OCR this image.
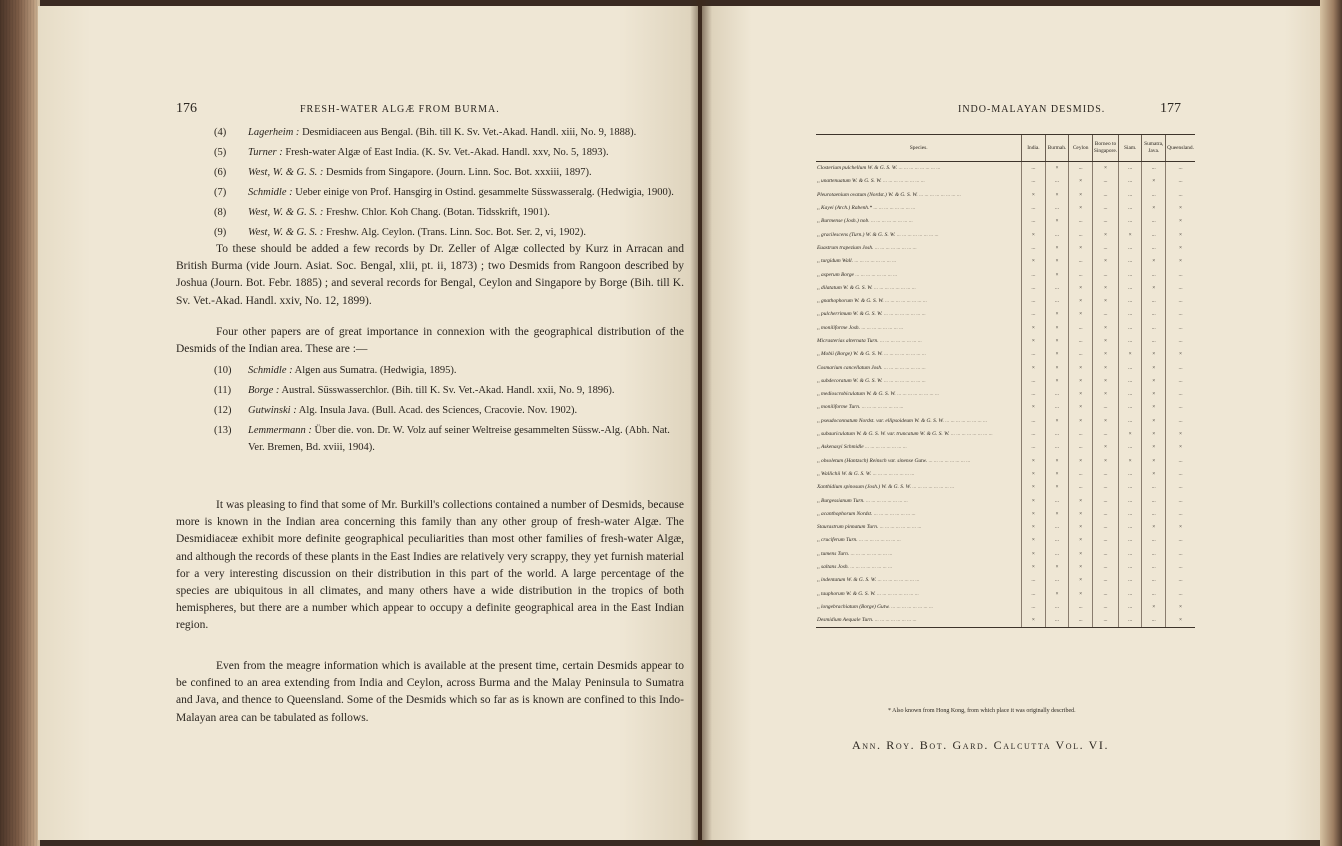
176	FRESH-WATER ALGÆ FROM BURMA.
(4) Lagerheim : Desmidiaceen aus Bengal. (Bih. till K. Sv. Vet.-Akad. Handl. xiii, No. 9, 1888).
(5) Turner : Fresh-water Algæ of East India. (K. Sv. Vet.-Akad. Handl. xxv, No. 5, 1893).
(6) West, W. & G. S. : Desmids from Singapore. (Journ. Linn. Soc. Bot. xxxiii, 1897).
(7) Schmidle : Ueber einige von Prof. Hansgirg in Ostind. gesammelte Süsswasseralg. (Hedwigia, 1900).
(8) West, W. & G. S. : Freshw. Chlor. Koh Chang. (Botan. Tidsskrift, 1901).
(9) West, W. & G. S. : Freshw. Alg. Ceylon. (Trans. Linn. Soc. Bot. Ser. 2, vi, 1902).
To these should be added a few records by Dr. Zeller of Algæ collected by Kurz in Arracan and British Burma (vide Journ. Asiat. Soc. Bengal, xlii, pt. ii, 1873) ; two Desmids from Rangoon described by Joshua (Journ. Bot. Febr. 1885) ; and several records for Bengal, Ceylon and Singapore by Borge (Bih. till K. Sv. Vet.-Akad. Handl. xxiv, No. 12, 1899).
Four other papers are of great importance in connexion with the geographical distribution of the Desmids of the Indian area. These are :—
(10) Schmidle : Algen aus Sumatra. (Hedwigia, 1895).
(11) Borge : Austral. Süsswasserchlor. (Bih. till K. Sv. Vet.-Akad. Handl. xxii, No. 9, 1896).
(12) Gutwinski : Alg. Insula Java. (Bull. Acad. des Sciences, Cracovie. Nov. 1902).
(13) Lemmermann : Über die. von. Dr. W. Volz auf seiner Weltreise gesammelten Süssw.-Alg. (Abh. Nat. Ver. Bremen, Bd. xviii, 1904).
It was pleasing to find that some of Mr. Burkill's collections contained a number of Desmids, because more is known in the Indian area concerning this family than any other group of fresh-water Algæ. The Desmidiaceæ exhibit more definite geographical peculiarities than most other families of fresh-water Algæ, and although the records of these plants in the East Indies are relatively very scrappy, they yet furnish material for a very interesting discussion on their distribution in this part of the world. A large percentage of the species are ubiquitous in all climates, and many others have a wide distribution in the tropics of both hemispheres, but there are a number which appear to occupy a definite geographical area in the East Indian region.
Even from the meagre information which is available at the present time, certain Desmids appear to be confined to an area extending from India and Ceylon, across Burma and the Malay Peninsula to Sumatra and Java, and thence to Queensland. Some of the Desmids which so far as is known are confined to this Indo-Malayan area can be tabulated as follows.
INDO-MALAYAN DESMIDS.	177
Species.	India.	Burmah.	Ceylon	Borneo to Singapore.	Siam.	Sumatra, Java.	Queensland.
Closterium pulchellum W. & G. S. W. ... ... ... ... ... ... ... ...	...	×	...	×	...	...	...
,, unattenuatum W. & G. S. W. ... ... ... ... ... ... ... ...	...	...	×	...	...	×	...
Pleurotaenium ovatum (Nordst.) W. & G. S. W. ... ... ... ... ... ... ... ...	×	×	×	...	...	...	...
,, Kayei (Arch.) Rabenh.* ... ... ... ... ... ... ... ...	...	...	×	...	...	×	×
,, Burmense (Josh.) nob. ... ... ... ... ... ... ... ...	...	×	...	...	...	...	×
,, gracilescens (Turn.) W. & G. S. W. ... ... ... ... ... ... ... ...	×	...	...	×	×	...	×
Euastrum trapezium Josh. ... ... ... ... ... ... ... ...	...	×	×	...	...	...	×
,, turgidum Wall. ... ... ... ... ... ... ... ...	×	×	...	×	...	×	×
,, asperum Borge ... ... ... ... ... ... ... ...	...	×	...	...	...	...	...
,, dilatatum W. & G. S. W. ... ... ... ... ... ... ... ...	...	...	×	×	...	×	...
,, gnathophorum W. & G. S. W. ... ... ... ... ... ... ... ...	...	...	×	×	...	...	...
,, pulcherrimum W. & G. S. W. ... ... ... ... ... ... ... ...	...	×	×	...	...	...	...
,, moniliforme Josh. ... ... ... ... ... ... ... ...	×	×	...	×	...	...	...
Micrasterias alternata Turn. ... ... ... ... ... ... ... ...	×	×	...	×	...	...	...
,, Mobii (Borge) W. & G. S. W. ... ... ... ... ... ... ... ...	...	×	...	×	×	×	×
Cosmarium cancellatum Josh. ... ... ... ... ... ... ... ...	×	×	×	×	...	×	...
,, subdecoratum W. & G. S. W. ... ... ... ... ... ... ... ...	...	×	×	×	...	×	...
,, medioscrobiculatum W. & G. S. W. ... ... ... ... ... ... ... ...	...	...	×	×	...	×	...
,, moniliforme Turn. ... ... ... ... ... ... ... ...	×	...	×	...	...	×	...
,, pseudoconnatum Nordst. var. ellipsoideum W. & G. S. W. ... ... ... ... ... ... ... ...	...	×	×	×	...	×	...
,, subauriculatum W. & G. S. W. var. truncatum W. & G. S. W. ... ... ... ... ... ... ... ...	...	...	...	...	×	×	×
,, Askenasyi Schmidle ... ... ... ... ... ... ... ...	...	...	...	×	...	×	×
,, obsoletum (Hantzsch) Reinsch var. sinense Gutw. ... ... ... ... ... ... ... ...	×	×	×	×	×	×	...
,, Wallichii W. & G. S. W. ... ... ... ... ... ... ... ...	×	×	...	...	...	×	...
Xanthidium spinosum (Josh.) W. & G. S. W. ... ... ... ... ... ... ... ...	×	×	...	...	...	...	...
,, Burgessianum Turn. ... ... ... ... ... ... ... ...	×	...	×	...	...	...	...
,, acanthophorum Nordst. ... ... ... ... ... ... ... ...	×	×	×	...	...	...	...
Staurastrum pinnatum Turn. ... ... ... ... ... ... ... ...	×	...	×	...	...	×	×
,, cruciferum Turn. ... ... ... ... ... ... ... ...	×	...	×	...	...	...	...
,, tumens Turn. ... ... ... ... ... ... ... ...	×	...	×	...	...	...	...
,, saltans Josh. ... ... ... ... ... ... ... ...	×	×	×	...	...	...	...
,, indentatum W. & G. S. W. ... ... ... ... ... ... ... ...	...	...	×	...	...	...	...
,, tauphorum W. & G. S. W. ... ... ... ... ... ... ... ...	...	×	×	...	...	...	...
,, longebrachiatum (Borge) Gutw. ... ... ... ... ... ... ... ...	...	...	...	...	...	×	×
Desmidium Aequale Turn. ... ... ... ... ... ... ... ...	×	...	...	...	...	...	×
* Also known from Hong Kong, from which place it was originally described.
Ann. Roy. Bot. Gard. Calcutta Vol. VI.
